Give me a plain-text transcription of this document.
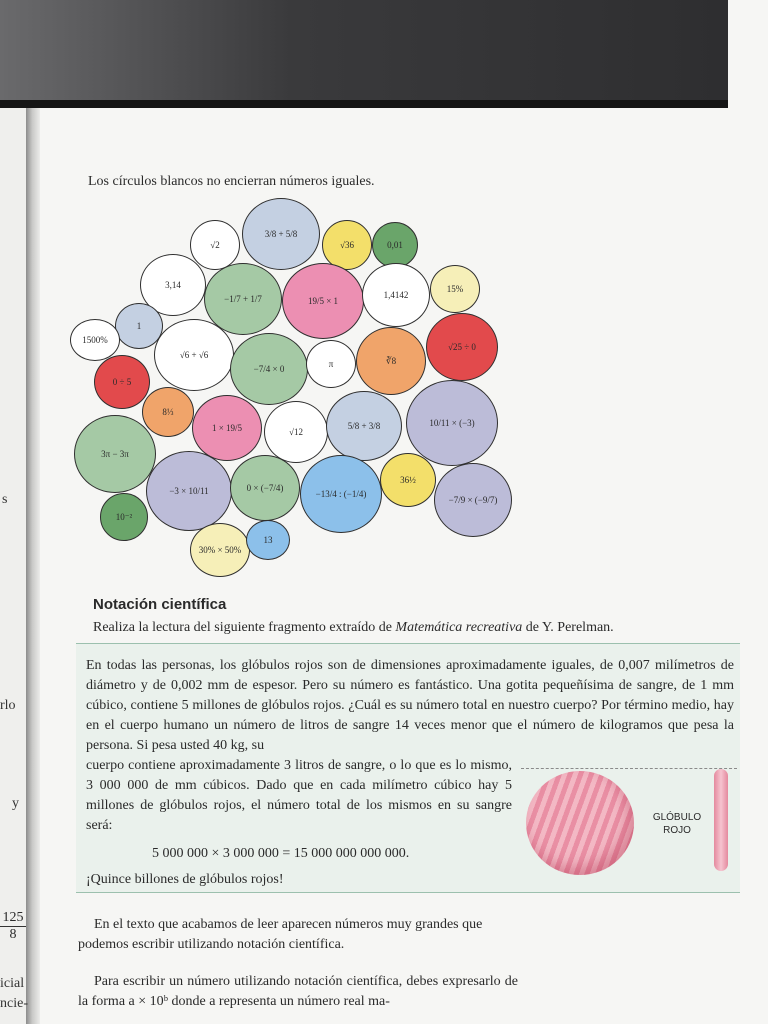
s
rlo
y
$\frac{125}{8}$
icial
ncie-
Los círculos blancos no encierran números iguales.
√2
3/8 + 5/8
√36	0,01
3,14
−1/7 + 1/7	19/5 × 1
1,4142
15%
1
1500%
√6 + √6
−7/4 × 0	π	∛8
√25 ÷ 0
0 ÷ 5
8⅓
1 × 19/5	√12
5/8 + 3/8	10/11 × (−3)
3π − 3π
−3 × 10/11	0 × (−7/4)
−13/4 : (−1/4)
36½
−7/9 × (−9/7)
10⁻²
30% × 50%
13
Notación científica
Realiza la lectura del siguiente fragmento extraído de Matemática recreativa de Y. Perelman.
En todas las personas, los glóbulos rojos son de dimensiones aproximadamente iguales, de 0,007 milímetros de diámetro y de 0,002 mm de espesor. Pero su número es fantástico. Una gotita pequeñísima de sangre, de 1 mm cúbico, contiene 5 millones de glóbulos rojos. ¿Cuál es su número total en nuestro cuerpo? Por término medio, hay en el cuerpo humano un número de litros de sangre 14 veces menor que el número de kilogramos que pesa la persona. Si pesa usted 40 kg, su
cuerpo contiene aproximadamente 3 litros de sangre, o lo que es lo mismo, 3 000 000 de mm cúbicos. Dado que en cada milímetro cúbico hay 5 millones de glóbulos rojos, el número total de los mismos en su sangre será:
5 000 000 × 3 000 000 = 15 000 000 000 000.
¡Quince billones de glóbulos rojos!
GLÓBULO
ROJO
En el texto que acabamos de leer aparecen números muy grandes que podemos escribir utilizando notación científica.
Para escribir un número utilizando notación científica, debes expresarlo de la forma a × 10ᵇ donde a representa un número real ma-
